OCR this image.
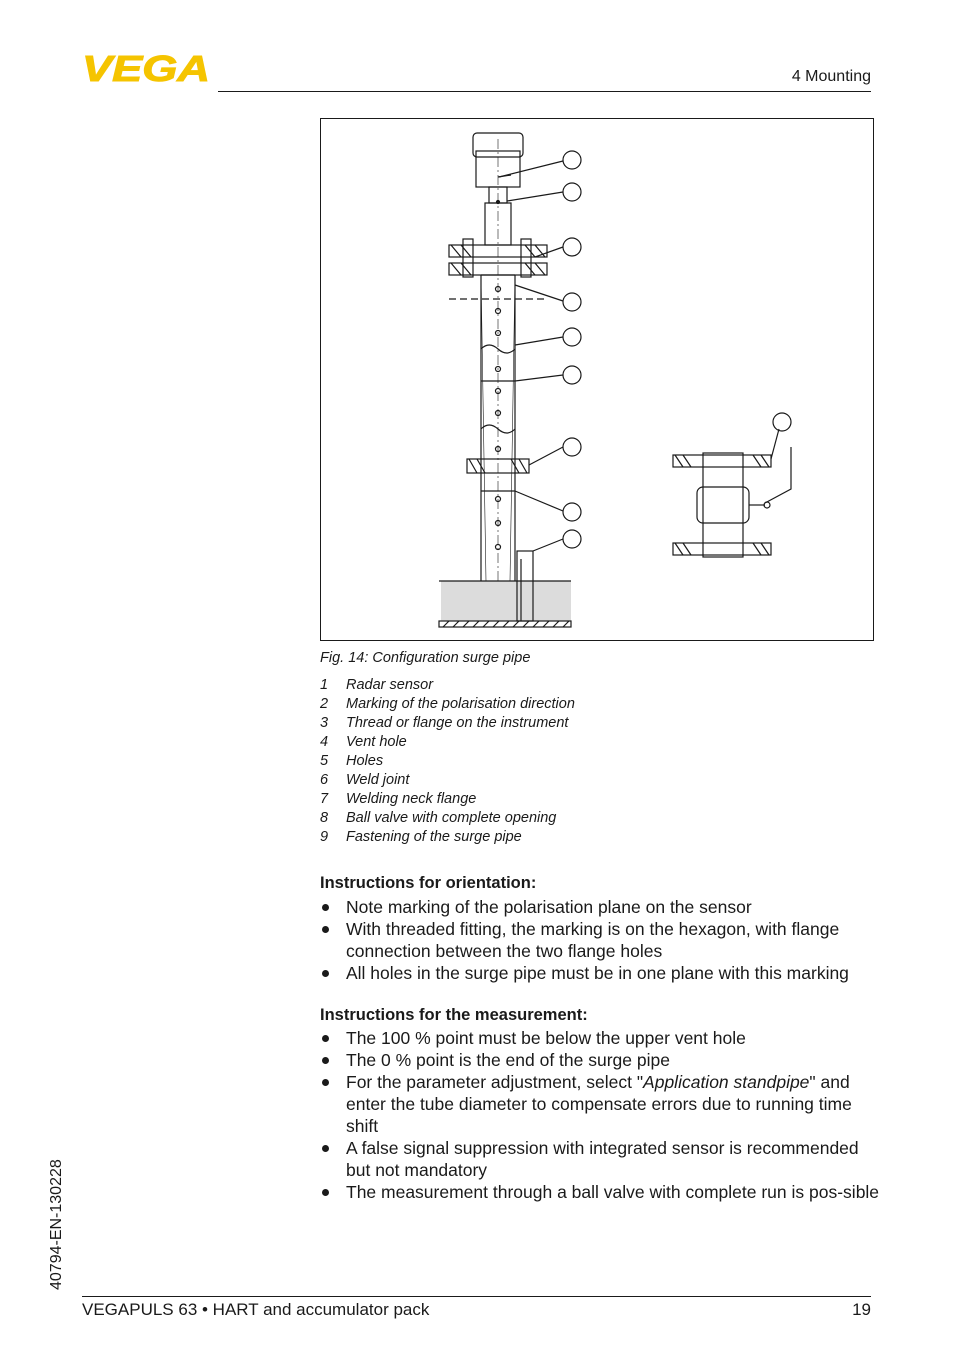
VEGA	4 Mounting
Fig. 14: Configuration surge pipe
1 Radar sensor
2 Marking of the polarisation direction
3 Thread or flange on the instrument
4 Vent hole
5 Holes
6 Weld joint
7 Welding neck flange
8 Ball valve with complete opening
9 Fastening of the surge pipe
Instructions for orientation:
Note marking of the polarisation plane on the sensor
With threaded fitting, the marking is on the hexagon, with flange connection between the two flange holes
All holes in the surge pipe must be in one plane with this marking
Instructions for the measurement:
The 100 % point must be below the upper vent hole
The 0 % point is the end of the surge pipe
For the parameter adjustment, select "Application standpipe" and enter the tube diameter to compensate errors due to running time shift
A false signal suppression with integrated sensor is recommended but not mandatory
The measurement through a ball valve with complete run is pos-sible
40794-EN-130228
VEGAPULS 63 • HART and accumulator pack	19
